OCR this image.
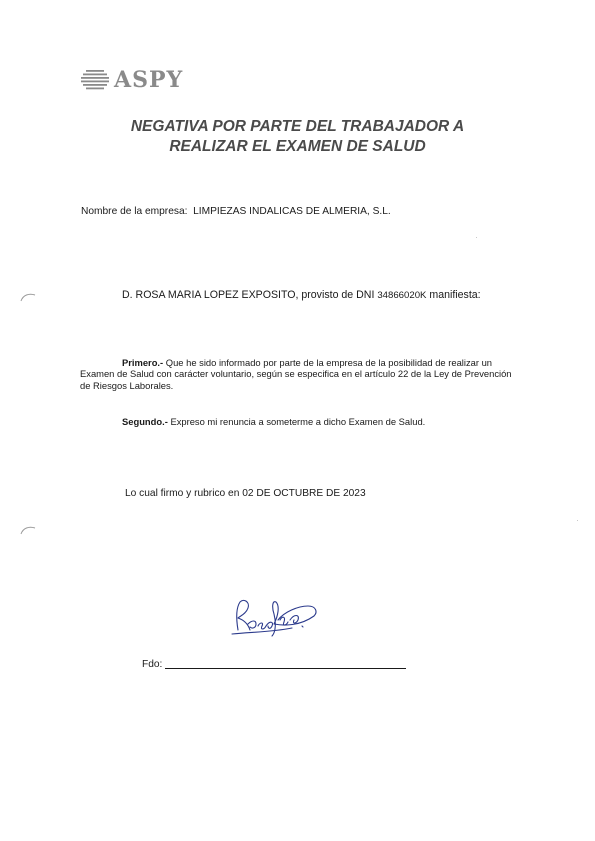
ASPY
NEGATIVA POR PARTE DEL TRABAJADOR A
REALIZAR EL EXAMEN DE SALUD
Nombre de la empresa: LIMPIEZAS INDALICAS DE ALMERIA, S.L.
D. ROSA MARIA LOPEZ EXPOSITO, provisto de DNI 34866020K manifiesta:
Primero.- Que he sido informado por parte de la empresa de la posibilidad de realizar un Examen de Salud con carácter voluntario, según se especifica en el artículo 22 de la Ley de Prevención de Riesgos Laborales.
Segundo.- Expreso mi renuncia a someterme a dicho Examen de Salud.
Lo cual firmo y rubrico en 02 DE OCTUBRE DE 2023
Fdo:
